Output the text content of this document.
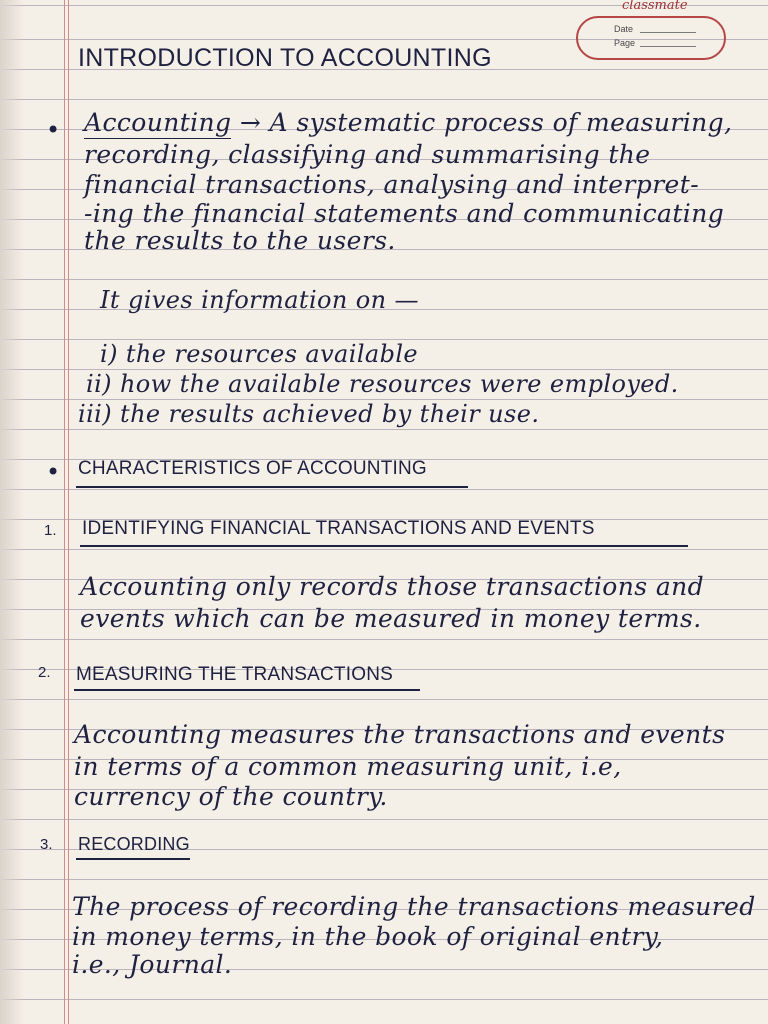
classmate
Date
Page
INTRODUCTION TO ACCOUNTING
• Accounting → A systematic process of measuring,
recording, classifying and summarising the
financial transactions, analysing and interpret-
-ing the financial statements and communicating
the results to the users.
It gives information on —
i) the resources available
ii) how the available resources were employed.
iii) the results achieved by their use.
• CHARACTERISTICS OF ACCOUNTING
1. IDENTIFYING FINANCIAL TRANSACTIONS AND EVENTS
Accounting only records those transactions and
events which can be measured in money terms.
2. MEASURING THE TRANSACTIONS
Accounting measures the transactions and events
in terms of a common measuring unit, i.e,
currency of the country.
3. RECORDING
The process of recording the transactions measured
in money terms, in the book of original entry,
i.e., Journal.
